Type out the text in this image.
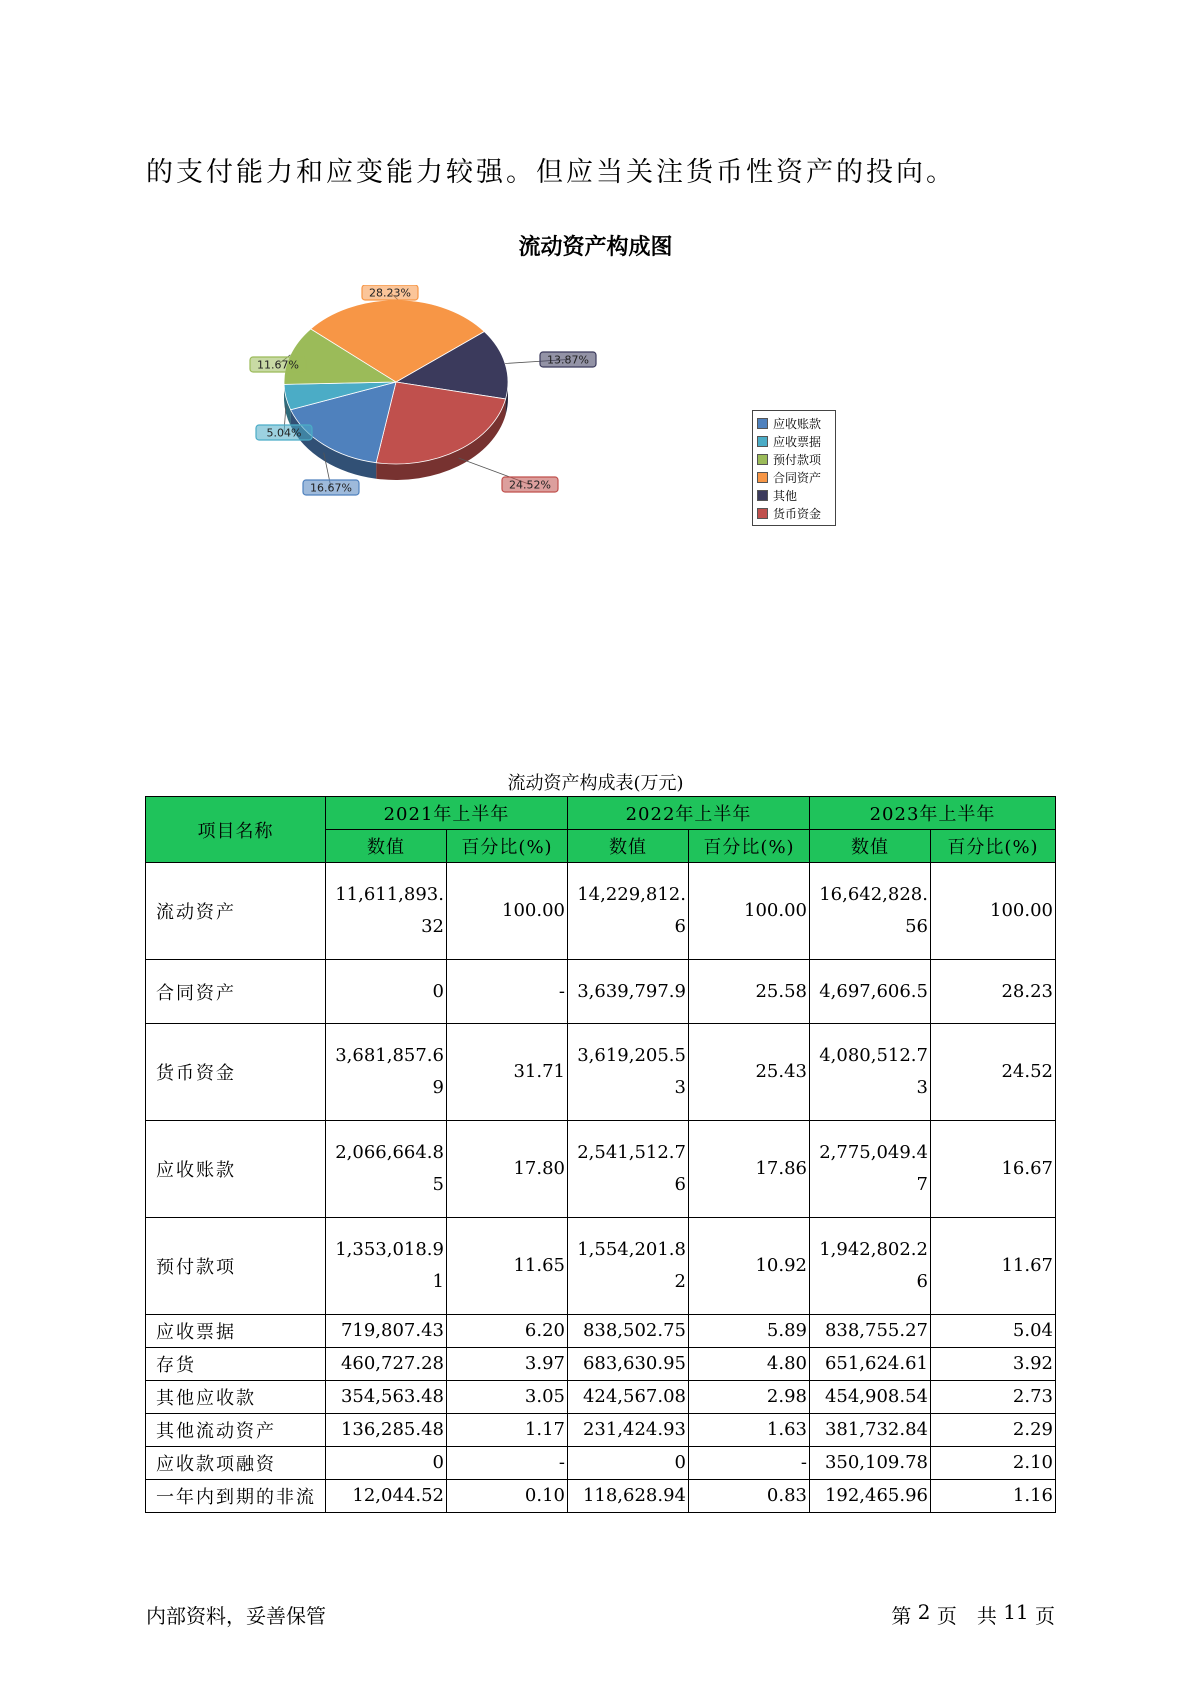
的支付能力和应变能力较强。但应当关注货币性资产的投向。

流动资产构成图
13.87%
24.52%
16.67%
5.04%
11.67%
28.23%
应收账款
应收票据
预付款项
合同资产
其他
货币资金

流动资产构成表(万元)

项目名称	2021年上半年		2022年上半年		2023年上半年	
	数值	百分比(%)	数值	百分比(%)	数值	百分比(%)
流动资产	11,611,893.32	100.00	14,229,812.6	100.00	16,642,828.56	100.00
合同资产	0	-	3,639,797.9	25.58	4,697,606.5	28.23
货币资金	3,681,857.69	31.71	3,619,205.53	25.43	4,080,512.73	24.52
应收账款	2,066,664.85	17.80	2,541,512.76	17.86	2,775,049.47	16.67
预付款项	1,353,018.91	11.65	1,554,201.82	10.92	1,942,802.26	11.67
应收票据	719,807.43	6.20	838,502.75	5.89	838,755.27	5.04
存货	460,727.28	3.97	683,630.95	4.80	651,624.61	3.92
其他应收款	354,563.48	3.05	424,567.08	2.98	454,908.54	2.73
其他流动资产	136,285.48	1.17	231,424.93	1.63	381,732.84	2.29
应收款项融资	0	-	0	-	350,109.78	2.10
一年内到期的非流	12,044.52	0.10	118,628.94	0.83	192,465.96	1.16

内部资料，妥善保管	第
2
页　共
11
页
